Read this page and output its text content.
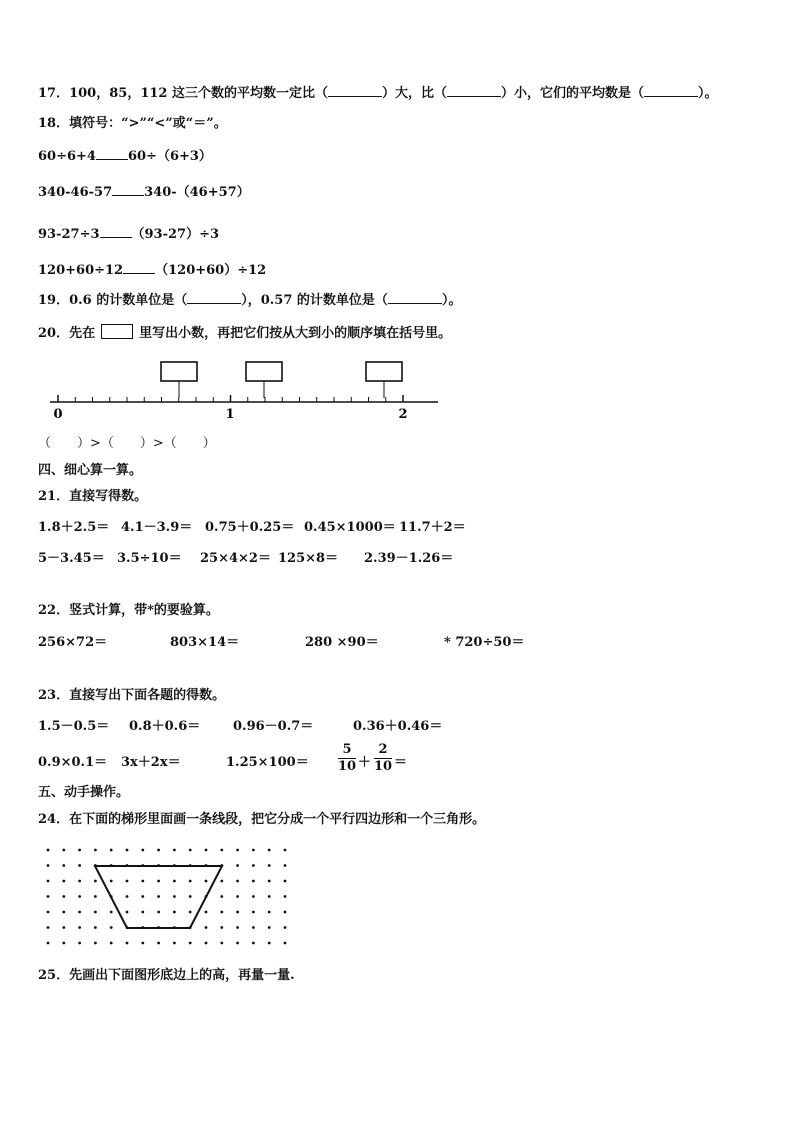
17．100，85，112 这三个数的平均数一定比（	）大，比（	）小，它们的平均数是（	）。
18．填符号：“>”“<”或“＝”。
60÷6+4 60÷（6+3）
340-46-57 340-（46+57）
93-27÷3 （93-27）÷3
120+60÷12 （120+60）÷12
19．0.6 的计数单位是（	），0.57 的计数单位是（	）。
20．先在	里写出小数，再把它们按从大到小的顺序填在括号里。
0	1	2
（　　）>（　　）>（　　）
四、细心算一算。
21．直接写得数。
1.8＋2.5＝ 4.1－3.9＝ 0.75＋0.25＝ 0.45×1000＝ 11.7＋2＝
5－3.45＝ 3.5÷10＝ 25×4×2＝ 125×8＝ 2.39－1.26＝
22．竖式计算，带*的要验算。
256×72＝	803×14＝	280 ×90＝	* 720÷50＝
23．直接写出下面各题的得数。
1.5－0.5＝ 0.8＋0.6＝	0.96－0.7＝	0.36＋0.46＝
0.9×0.1＝ 3x＋2x＝	1.25×100＝
5
10 ＋
2
10 ＝
五、动手操作。
24．在下面的梯形里面画一条线段，把它分成一个平行四边形和一个三角形。
25．先画出下面图形底边上的高，再量一量.
